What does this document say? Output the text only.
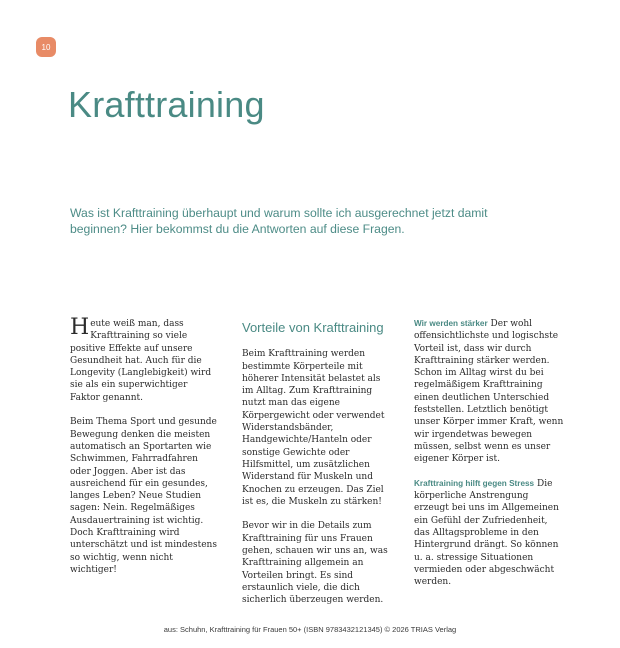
10
Krafttraining

Was ist Krafttraining überhaupt und warum sollte ich ausgerechnet jetzt damit beginnen? Hier bekommst du die Antworten auf diese Fragen.

Heute weiß man, dass Krafttraining so viele positive Effekte auf unsere Gesundheit hat. Auch für die Longevity (Langlebigkeit) wird sie als ein superwichtiger Faktor genannt.

Beim Thema Sport und gesunde Bewegung denken die meisten automatisch an Sportarten wie Schwimmen, Fahrradfahren oder Joggen. Aber ist das ausreichend für ein gesundes, langes Leben? Neue Studien sagen: Nein. Regelmäßiges Ausdauertraining ist wichtig. Doch Krafttraining wird unterschätzt und ist mindestens so wichtig, wenn nicht wichtiger!

Vorteile von Krafttraining

Beim Krafttraining werden bestimmte Körperteile mit höherer Intensität belastet als im Alltag. Zum Krafttraining nutzt man das eigene Körpergewicht oder verwendet Widerstandsbänder, Handgewichte/Hanteln oder sonstige Gewichte oder Hilfsmittel, um zusätzlichen Widerstand für Muskeln und Knochen zu erzeugen. Das Ziel ist es, die Muskeln zu stärken!

Bevor wir in die Details zum Krafttraining für uns Frauen gehen, schauen wir uns an, was Krafttraining allgemein an Vorteilen bringt. Es sind erstaunlich viele, die dich sicherlich überzeugen werden.

Wir werden stärker Der wohl offensichtlichste und logischste Vorteil ist, dass wir durch Krafttraining stärker werden. Schon im Alltag wirst du bei regelmäßigem Krafttraining einen deutlichen Unterschied feststellen. Letztlich benötigt unser Körper immer Kraft, wenn wir irgendetwas bewegen müssen, selbst wenn es unser eigener Körper ist.

Krafttraining hilft gegen Stress Die körperliche Anstrengung erzeugt bei uns im Allgemeinen ein Gefühl der Zufriedenheit, das Alltagsprobleme in den Hintergrund drängt. So können u. a. stressige Situationen vermieden oder abgeschwächt werden.

aus: Schuhn, Krafttraining für Frauen 50+ (ISBN 9783432121345) © 2026 TRIAS Verlag
